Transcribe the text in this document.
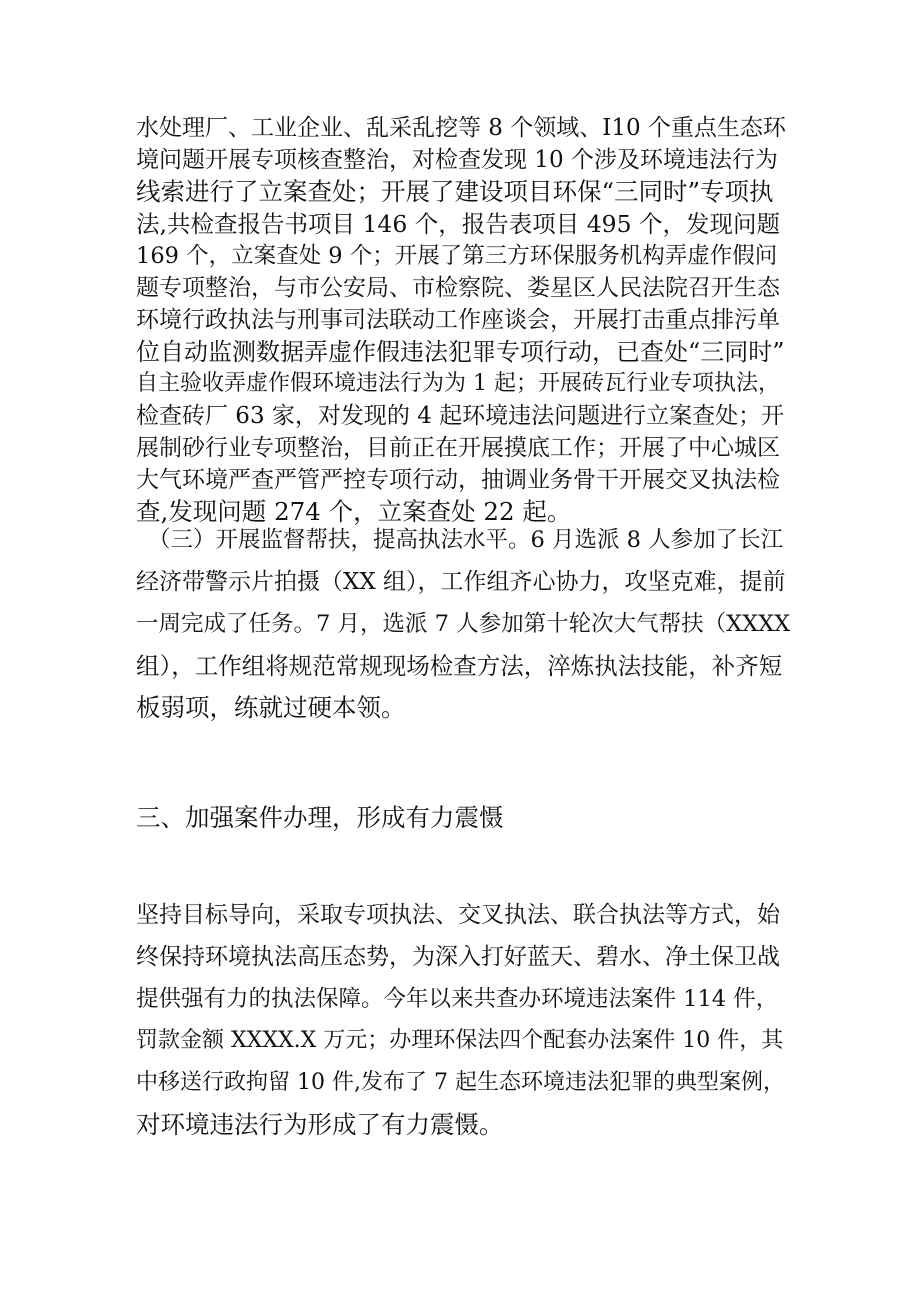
水处理厂、工业企业、乱采乱挖等 8 个领域、I10 个重点生态环

境问题开展专项核查整治，对检查发现 10 个涉及环境违法行为

线索进行了立案查处；开展了建设项目环保“三同时”专项执

法,共检查报告书项目 146 个，报告表项目 495 个，发现问题

169 个，立案查处 9 个；开展了第三方环保服务机构弄虚作假问

题专项整治，与市公安局、市检察院、娄星区人民法院召开生态

环境行政执法与刑事司法联动工作座谈会，开展打击重点排污单

位自动监测数据弄虚作假违法犯罪专项行动，已查处“三同时”

自主验收弄虚作假环境违法行为为 1 起；开展砖瓦行业专项执法，

检查砖厂 63 家，对发现的 4 起环境违法问题进行立案查处；开

展制砂行业专项整治，目前正在开展摸底工作；开展了中心城区

大气环境严查严管严控专项行动，抽调业务骨干开展交叉执法检

查,发现问题 274 个，立案查处 22 起。

（三）开展监督帮扶，提高执法水平。6 月选派 8 人参加了长江

经济带警示片拍摄（XX 组），工作组齐心协力，攻坚克难，提前

一周完成了任务。7 月，选派 7 人参加第十轮次大气帮扶（XXXX

组），工作组将规范常规现场检查方法，淬炼执法技能，补齐短

板弱项，练就过硬本领。

三、加强案件办理，形成有力震慑

坚持目标导向，采取专项执法、交叉执法、联合执法等方式，始

终保持环境执法高压态势，为深入打好蓝天、碧水、净土保卫战

提供强有力的执法保障。今年以来共查办环境违法案件 114 件，

罚款金额 XXXX.X 万元；办理环保法四个配套办法案件 10 件，其

中移送行政拘留 10 件,发布了 7 起生态环境违法犯罪的典型案例，

对环境违法行为形成了有力震慑。
